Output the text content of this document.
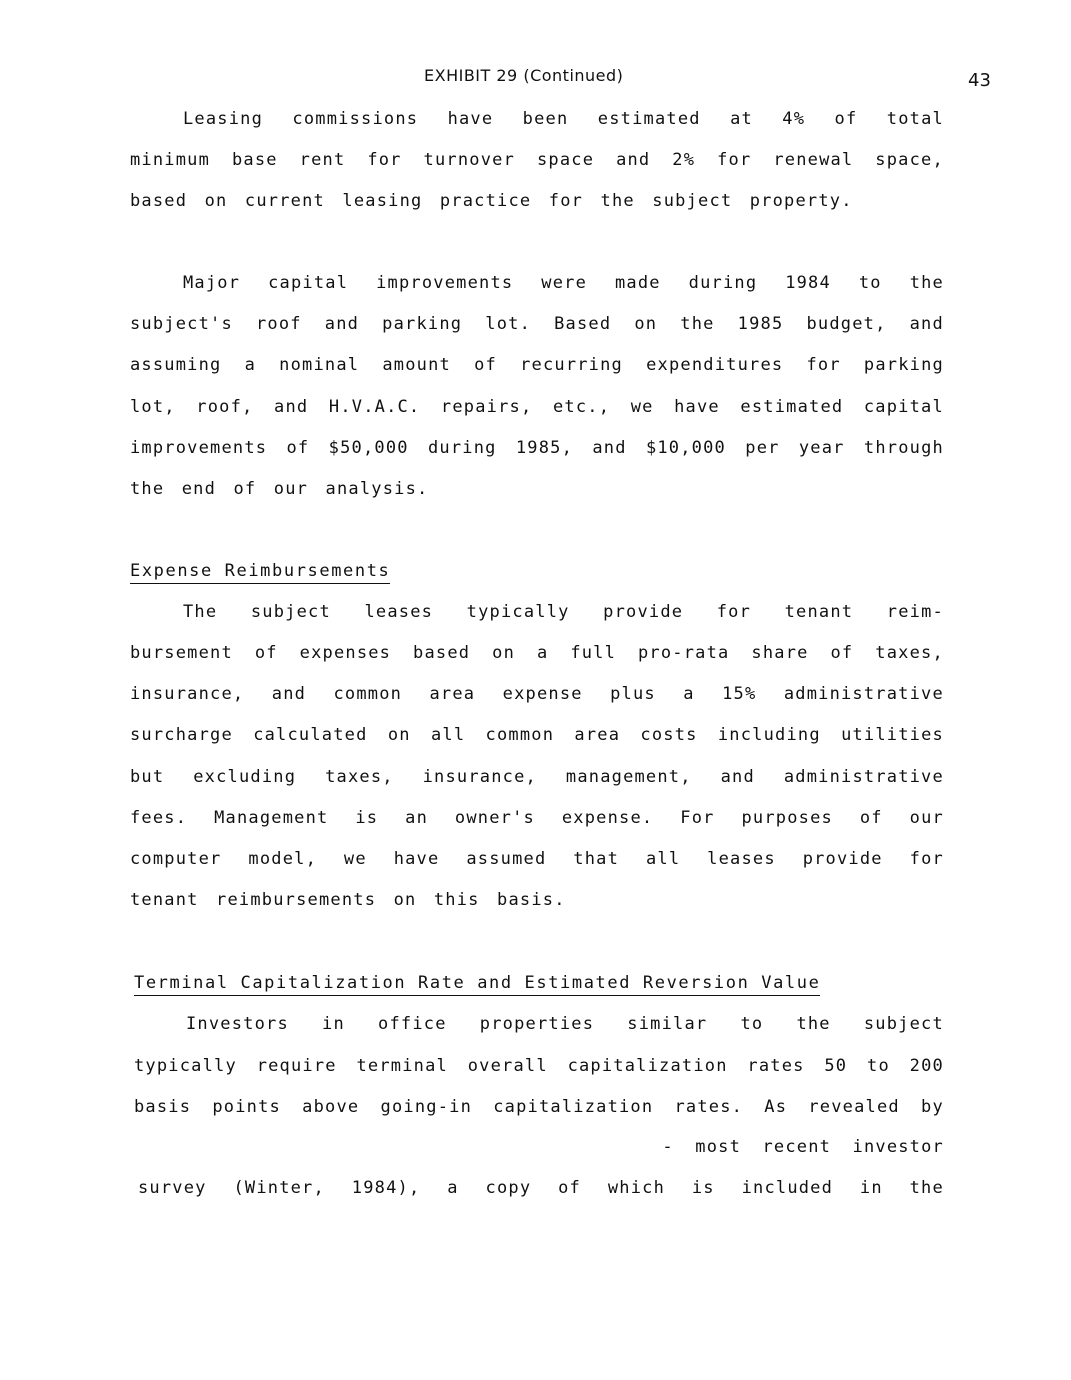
EXHIBIT 29 (Continued)	43
Leasing commissions have been estimated at 4% of total
minimum base rent for turnover space and 2% for renewal space,
based on current leasing practice for the subject property.
Major capital improvements were made during 1984 to the
subject's roof and parking lot. Based on the 1985 budget, and
assuming a nominal amount of recurring expenditures for parking
lot, roof, and H.V.A.C. repairs, etc., we have estimated capital
improvements of $50,000 during 1985, and $10,000 per year through
the end of our analysis.
Expense Reimbursements
The subject leases typically provide for tenant reim-
bursement of expenses based on a full pro-rata share of taxes,
insurance, and common area expense plus a 15% administrative
surcharge calculated on all common area costs including utilities
but excluding taxes, insurance, management, and administrative
fees. Management is an owner's expense. For purposes of our
computer model, we have assumed that all leases provide for
tenant reimbursements on this basis.
Terminal Capitalization Rate and Estimated Reversion Value
Investors in office properties similar to the subject
typically require terminal overall capitalization rates 50 to 200
basis points above going-in capitalization rates. As revealed by
- most recent investor
survey (Winter, 1984), a copy of which is included in the
